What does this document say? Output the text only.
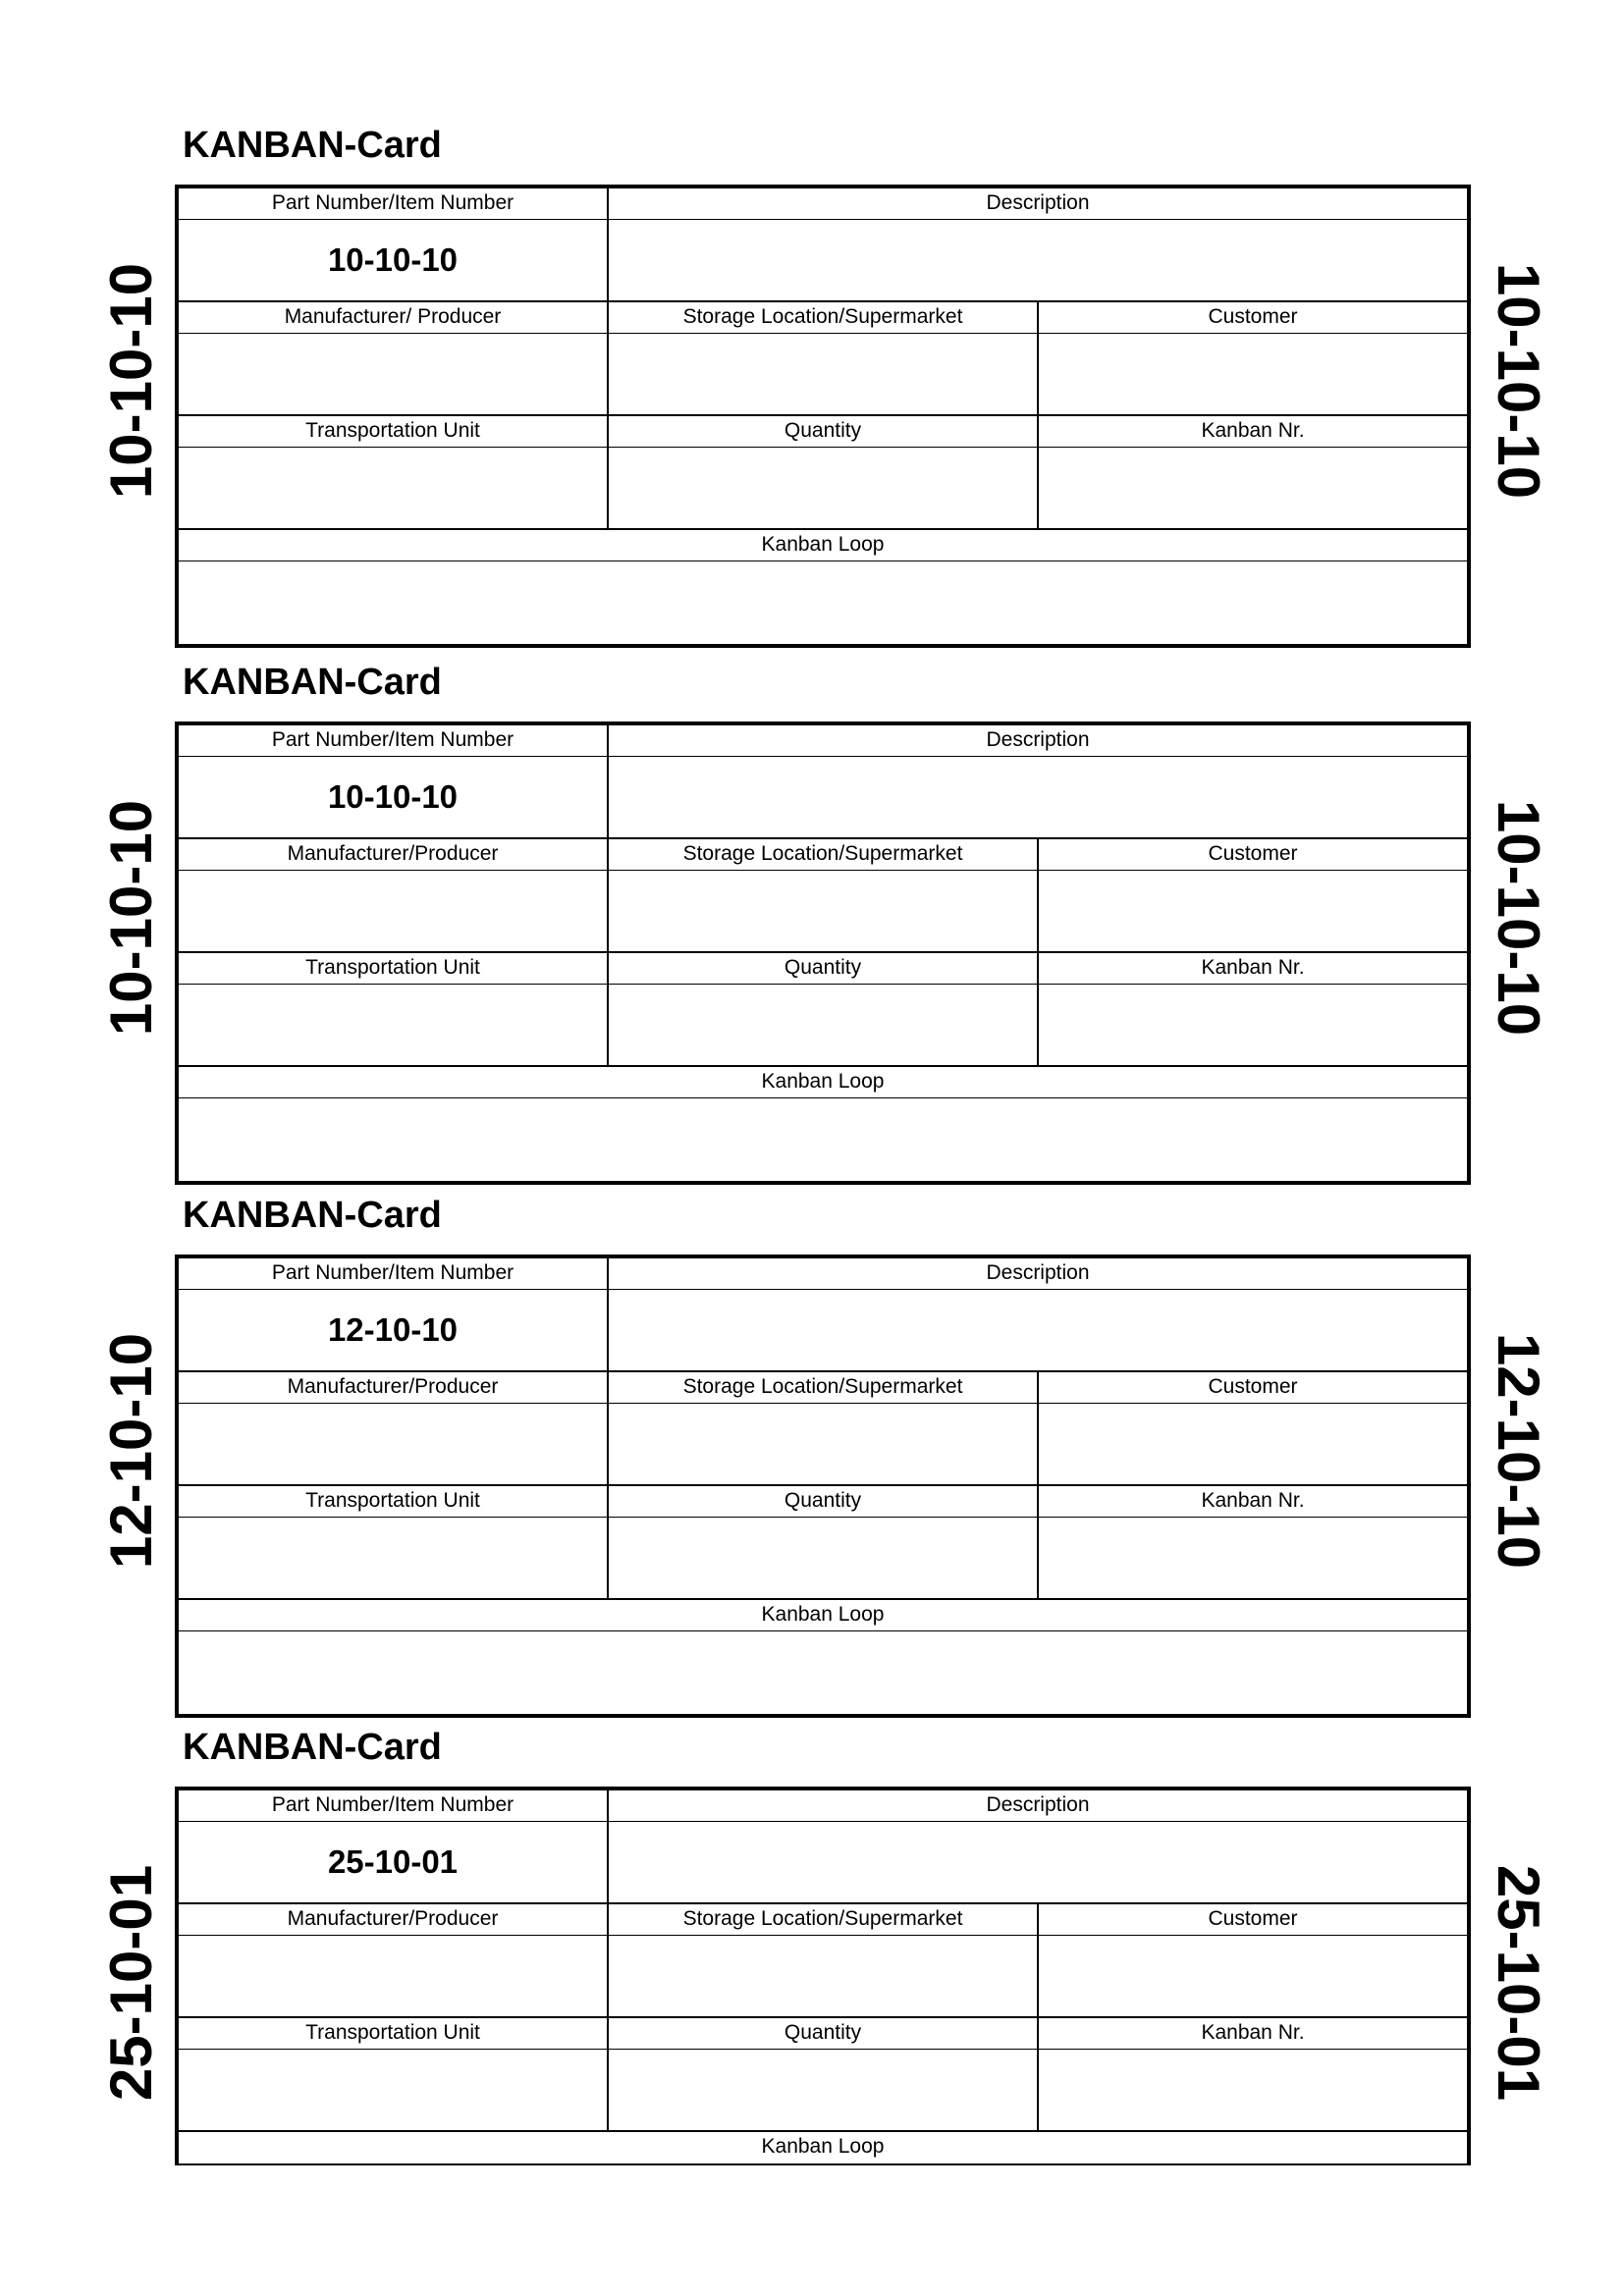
KANBAN-Card
Part Number/Item Number	Description
10-10-10
Manufacturer/ Producer	Storage Location/Supermarket	Customer
Transportation Unit	Quantity	Kanban Nr.
Kanban Loop
10-10-10	10-10-10
KANBAN-Card
Part Number/Item Number	Description
10-10-10
Manufacturer/Producer	Storage Location/Supermarket	Customer
Transportation Unit	Quantity	Kanban Nr.
Kanban Loop
10-10-10	10-10-10
KANBAN-Card
Part Number/Item Number	Description
12-10-10
Manufacturer/Producer	Storage Location/Supermarket	Customer
Transportation Unit	Quantity	Kanban Nr.
Kanban Loop
12-10-10	12-10-10
KANBAN-Card
Part Number/Item Number	Description
25-10-01
Manufacturer/Producer	Storage Location/Supermarket	Customer
Transportation Unit	Quantity	Kanban Nr.
Kanban Loop
25-10-01	25-10-01
